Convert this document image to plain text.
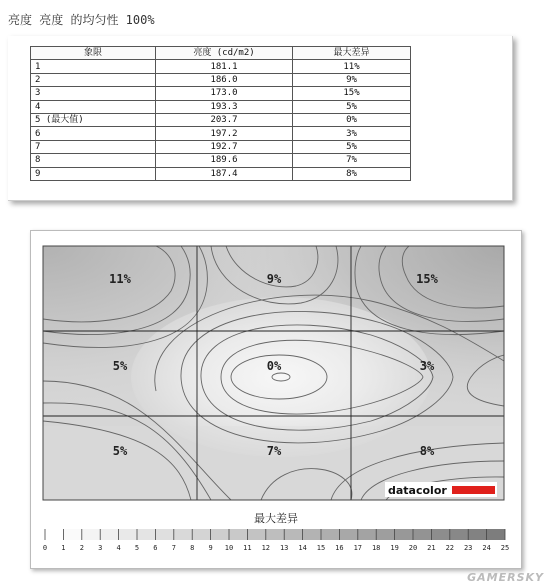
亮度 亮度 的均匀性 100%
象限	亮度 (cd/m2)	最大差异
1	181.1	11%
2	186.0	9%
3	173.0	15%
4	193.3	5%
5 (最大值)	203.7	0%
6	197.2	3%
7	192.7	5%
8	189.6	7%
9	187.4	8%
11%	9%	15%
5%	0%	3%
5%	7%	8%
datacolor
最大差异
0 1 2 3 4 5 6 7 8 9 10 11 12 13 14 15 16 17 18 19 20 21 22 23 24 25
GAMERSKY
